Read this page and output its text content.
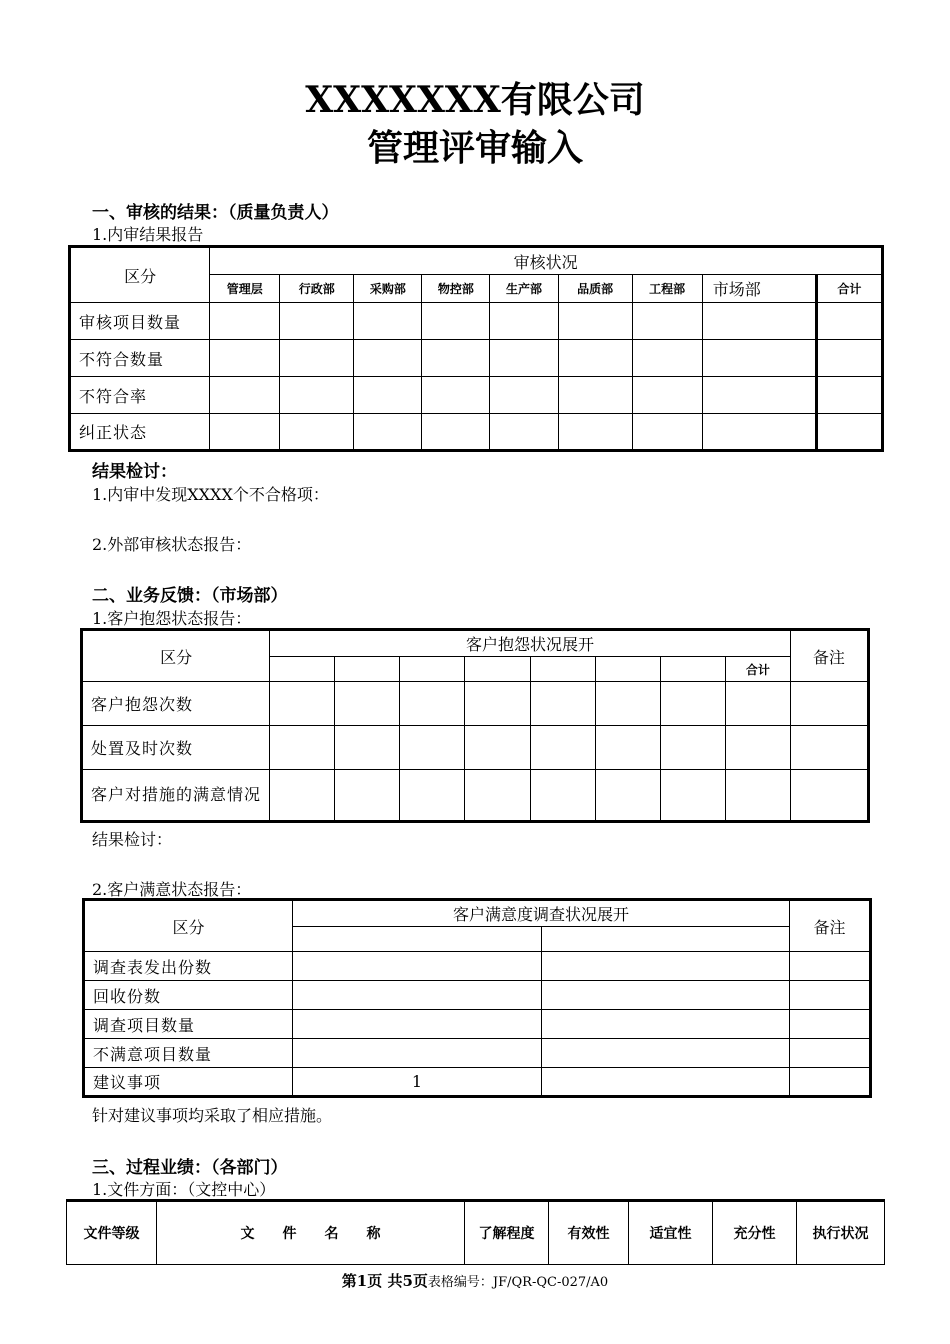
XXXXXXX有限公司
管理评审输入
一、审核的结果：（质量负责人）
1.内审结果报告
区分	审核状况								
	管理层	行政部	采购部	物控部	生产部	品质部	工程部	市场部	合计
审核项目数量									
不符合数量									
不符合率									
纠正状态									
结果检讨：
1.内审中发现XXXX个不合格项：
2.外部审核状态报告：
二、业务反馈：（市场部）
1.客户抱怨状态报告：
区分	客户抱怨状况展开								备注
								合计	
客户抱怨次数									
处置及时次数									
客户对措施的满意情况									
结果检讨：
2.客户满意状态报告：
区分	客户满意度调查状况展开		备注

调查表发出份数			
回收份数			
调查项目数量			
不满意项目数量			
建议事项	1		
针对建议事项均采取了相应措施。
三、过程业绩：（各部门）
1.文件方面：（文控中心）
文件等级	文　　件　　名　　称	了解程度	有效性	适宜性	充分性	执行状况
第1页 共5页表格编号：JF/QR-QC-027/A0
